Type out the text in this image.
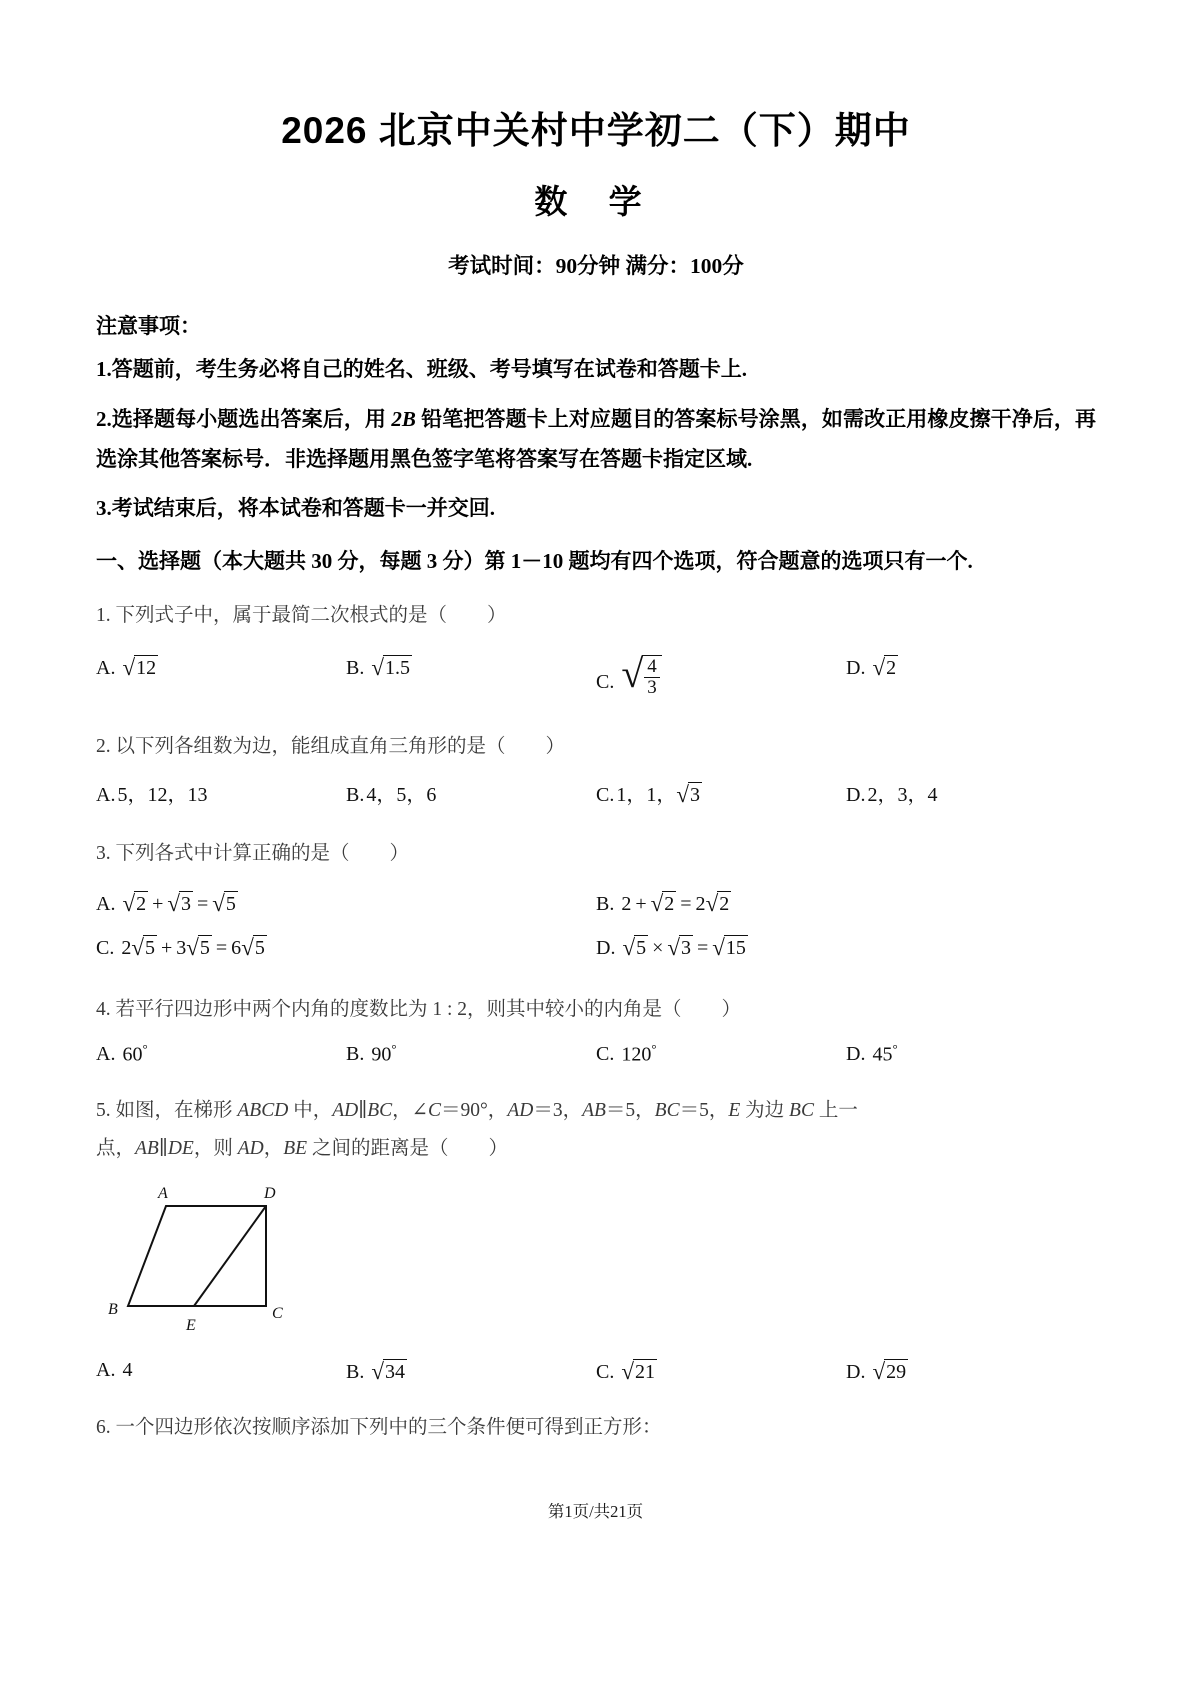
2026 北京中关村中学初二（下）期中
数 学
考试时间：90分钟 满分：100分
注意事项：
1.答题前，考生务必将自己的姓名、班级、考号填写在试卷和答题卡上.
2.选择题每小题选出答案后，用 2B 铅笔把答题卡上对应题目的答案标号涂黑，如需改正用橡皮擦干净后，再选涂其他答案标号．非选择题用黑色签字笔将答案写在答题卡指定区域.
3.考试结束后，将本试卷和答题卡一并交回.
一、选择题（本大题共 30 分，每题 3 分）第 1－10 题均有四个选项，符合题意的选项只有一个.
1. 下列式子中，属于最简二次根式的是（ ）
A. √ 12	B. √ 1.5
C. √ $\frac{4}{3}$	D. √ 2
2. 以下列各组数为边，能组成直角三角形的是（ ）
A. 5，12，13	B. 4，5，6	C. 1，1， √ 3	D. 2，3，4
3. 下列各式中计算正确的是（ ）
A. √ 2  +  √ 3  =  √ 5	B. 2 +  √ 2  = 2 √ 2
C. 2 √ 5  + 3 √ 5  = 6 √ 5	D. √ 5  ×  √ 3  =  √ 15
4. 若平行四边形中两个内角的度数比为 1 : 2，则其中较小的内角是（ ）
A. 60°	B. 90°	C. 120°	D. 45°
5. 如图，在梯形 ABCD 中，AD∥BC，∠C＝90°，AD＝3，AB＝5，BC＝5，E 为边 BC 上一
点，AB∥DE，则 AD，BE 之间的距离是（ ）
A	D
B
E
C
A. 4	B. √ 34	C. √ 21	D. √ 29
6. 一个四边形依次按顺序添加下列中的三个条件便可得到正方形：
第1页/共21页
